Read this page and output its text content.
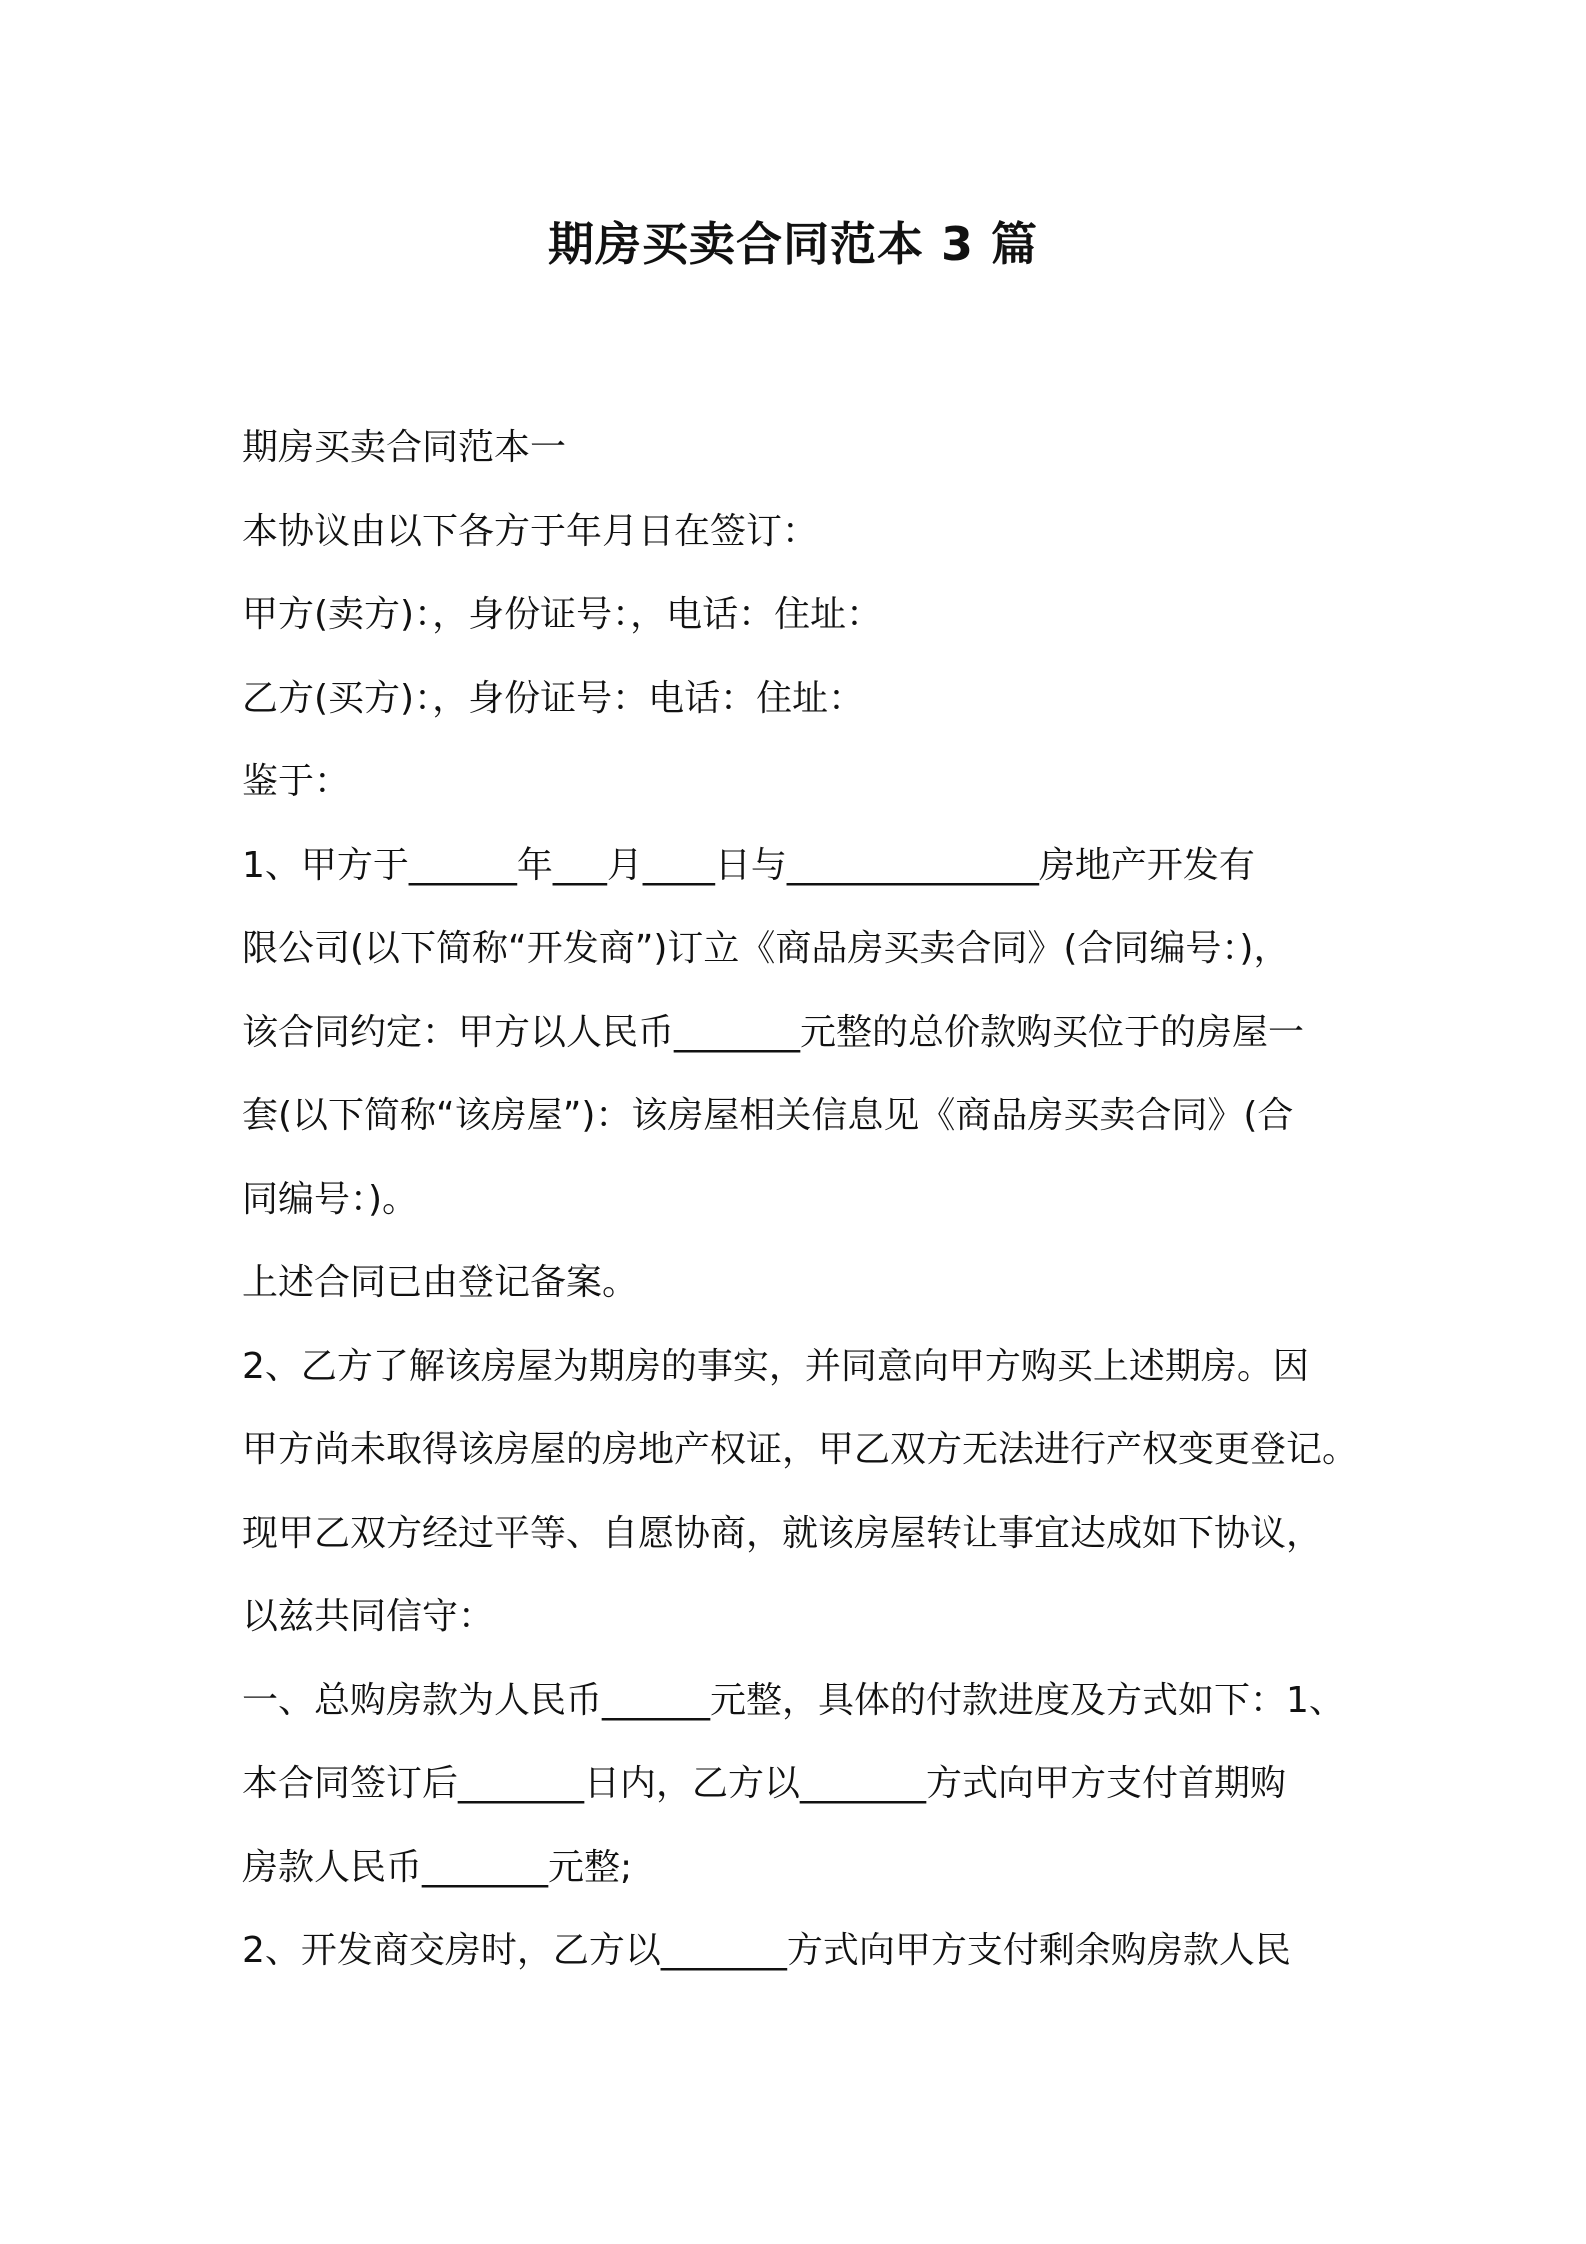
期房买卖合同范本 3 篇
期房买卖合同范本一
本协议由以下各方于年月日在签订：
甲方(卖方)：，身份证号：，电话：住址：
乙方(买方)：，身份证号：电话：住址：
鉴于：
1、甲方于______年___月____日与______________房地产开发有
限公司(以下简称“开发商”)订立《商品房买卖合同》(合同编号：)，
该合同约定：甲方以人民币_______元整的总价款购买位于的房屋一
套(以下简称“该房屋”)：该房屋相关信息见《商品房买卖合同》(合
同编号：)。
上述合同已由登记备案。
2、乙方了解该房屋为期房的事实，并同意向甲方购买上述期房。因
甲方尚未取得该房屋的房地产权证，甲乙双方无法进行产权变更登记。
现甲乙双方经过平等、自愿协商，就该房屋转让事宜达成如下协议，
以兹共同信守：
一、总购房款为人民币______元整，具体的付款进度及方式如下：1、
本合同签订后_______日内，乙方以_______方式向甲方支付首期购
房款人民币_______元整;
2、开发商交房时，乙方以_______方式向甲方支付剩余购房款人民
